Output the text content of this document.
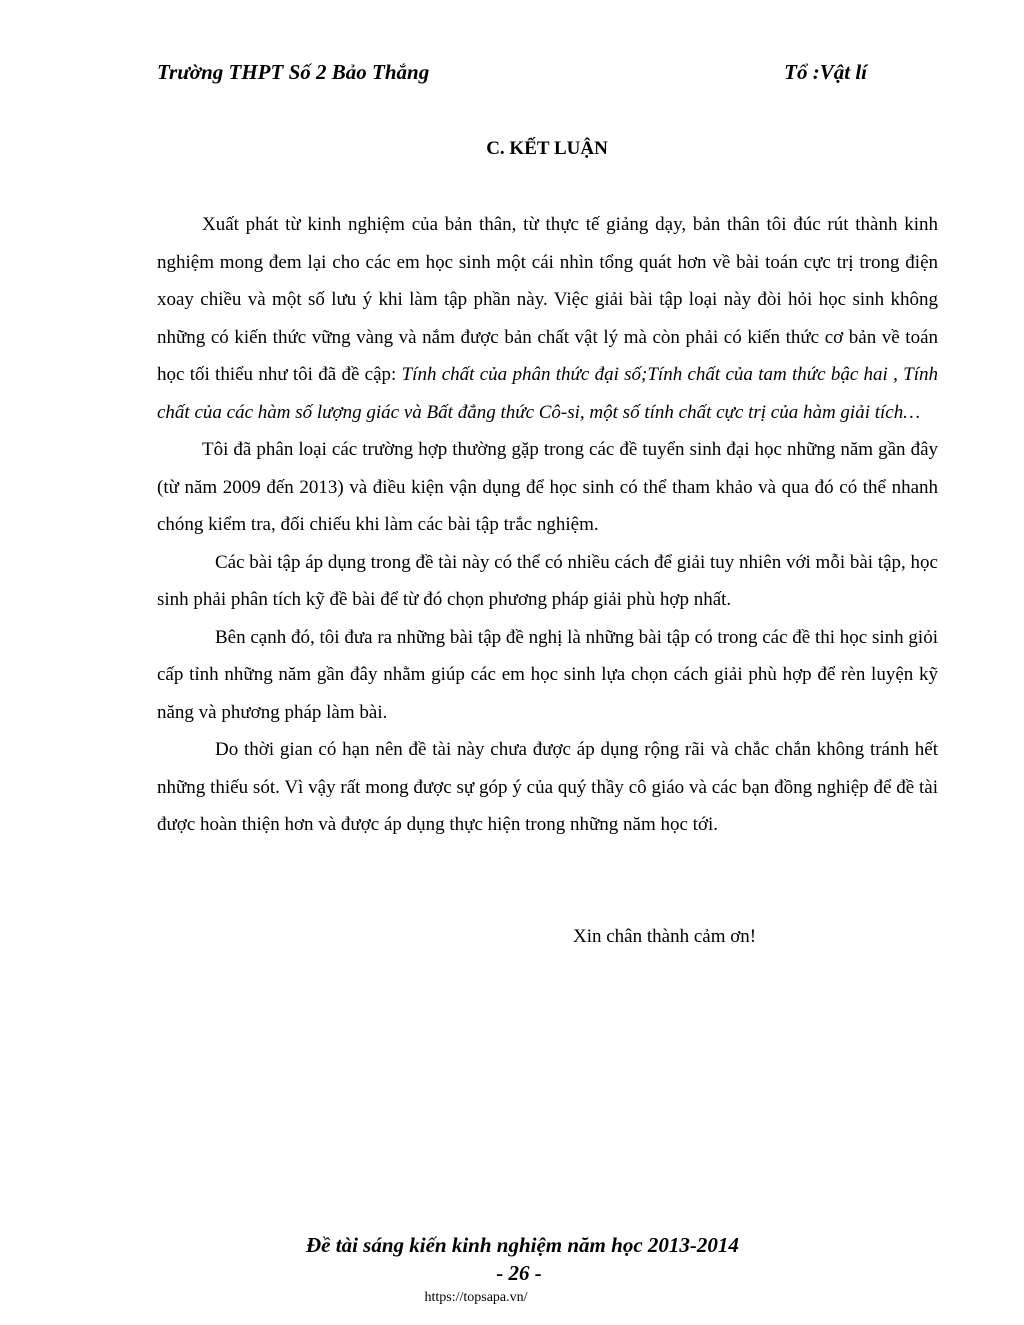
Trường THPT Số 2 Bảo Thắng	Tổ :Vật lí
C. KẾT LUẬN

Xuất phát từ kinh nghiệm của bản thân, từ thực tế giảng dạy, bản thân tôi đúc rút thành kinh nghiệm mong đem lại cho các em học sinh một cái nhìn tổng quát hơn về bài toán cực trị trong điện xoay chiều và một số lưu ý khi làm tập phần này. Việc giải bài tập loại này đòi hỏi học sinh không những có kiến thức vững vàng và nắm được bản chất vật lý mà còn phải có kiến thức cơ bản về toán học tối thiểu như tôi đã đề cập: Tính chất của phân thức đại số;Tính chất của tam thức bậc hai , Tính chất của các hàm số lượng giác và Bất đẳng thức Cô-si, một số tính chất cực trị của hàm giải tích…

Tôi đã phân loại các trường hợp thường gặp trong các đề tuyển sinh đại học những năm gần đây (từ năm 2009 đến 2013) và điều kiện vận dụng để học sinh có thể tham khảo và qua đó có thể nhanh chóng kiểm tra, đối chiếu khi làm các bài tập trắc nghiệm.

Các bài tập áp dụng trong đề tài này có thể có nhiều cách để giải tuy nhiên với mỗi bài tập, học sinh phải phân tích kỹ đề bài để từ đó chọn phương pháp giải phù hợp nhất.

Bên cạnh đó, tôi đưa ra những bài tập đề nghị là những bài tập có trong các đề thi học sinh giỏi cấp tỉnh những năm gần đây nhằm giúp các em học sinh lựa chọn cách giải phù hợp để rèn luyện kỹ năng và phương pháp làm bài.

Do thời gian có hạn nên đề tài này chưa được áp dụng rộng rãi và chắc chắn không tránh hết những thiếu sót. Vì vậy rất mong được sự góp ý của quý thầy cô giáo và các bạn đồng nghiệp để đề tài được hoàn thiện hơn và được áp dụng thực hiện trong những năm học tới.

Xin chân thành cảm ơn!
Đề tài sáng kiến kinh nghiệm năm học 2013-2014
- 26 -
https://topsapa.vn/
